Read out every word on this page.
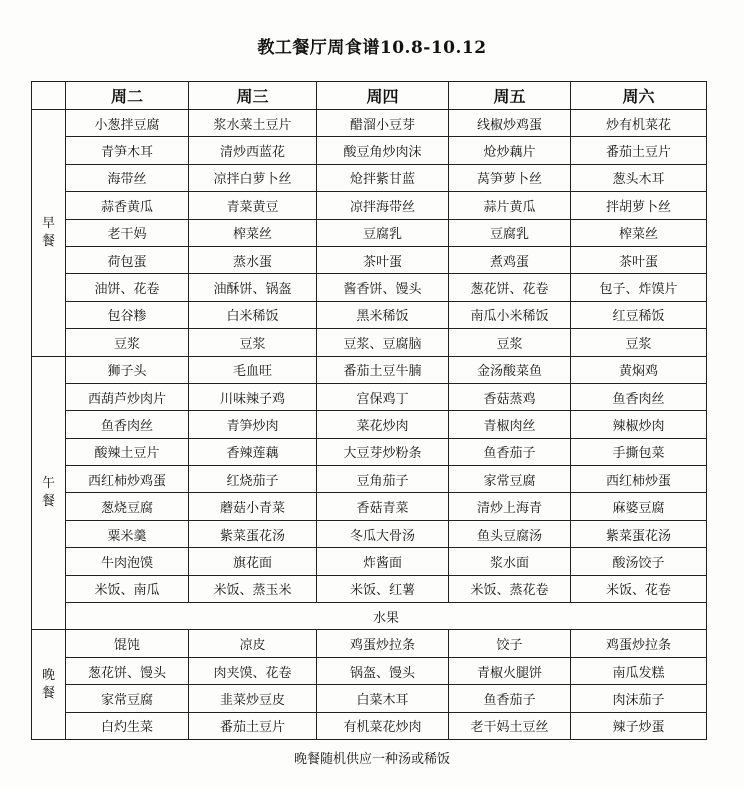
教工餐厅周食谱10.8-10.12
	周二	周三	周四	周五	周六

早
餐	小葱拌豆腐	浆水菜土豆片	醋溜小豆芽	线椒炒鸡蛋	炒有机菜花
	青笋木耳	清炒西蓝花	酸豆角炒肉沫	炝炒藕片	番茄土豆片
	海带丝	凉拌白萝卜丝	炝拌紫甘蓝	莴笋萝卜丝	葱头木耳
	蒜香黄瓜	青菜黄豆	凉拌海带丝	蒜片黄瓜	拌胡萝卜丝
	老干妈	榨菜丝	豆腐乳	豆腐乳	榨菜丝
	荷包蛋	蒸水蛋	茶叶蛋	煮鸡蛋	茶叶蛋
	油饼、花卷	油酥饼、锅盔	酱香饼、馒头	葱花饼、花卷	包子、炸馍片
	包谷糁	白米稀饭	黑米稀饭	南瓜小米稀饭	红豆稀饭
	豆浆	豆浆	豆浆、豆腐脑	豆浆	豆浆

午
餐	狮子头	毛血旺	番茄土豆牛腩	金汤酸菜鱼	黄焖鸡
	西葫芦炒肉片	川味辣子鸡	宫保鸡丁	香菇蒸鸡	鱼香肉丝
	鱼香肉丝	青笋炒肉	菜花炒肉	青椒肉丝	辣椒炒肉
	酸辣土豆片	香辣莲藕	大豆芽炒粉条	鱼香茄子	手撕包菜
	西红柿炒鸡蛋	红烧茄子	豆角茄子	家常豆腐	西红柿炒蛋
	葱烧豆腐	蘑菇小青菜	香菇青菜	清炒上海青	麻婆豆腐
	粟米羹	紫菜蛋花汤	冬瓜大骨汤	鱼头豆腐汤	紫菜蛋花汤
	牛肉泡馍	旗花面	炸酱面	浆水面	酸汤饺子
	米饭、南瓜	米饭、蒸玉米	米饭、红薯	米饭、蒸花卷	米饭、花卷
	水果				

晚
餐	馄饨	凉皮	鸡蛋炒拉条	饺子	鸡蛋炒拉条
	葱花饼、馒头	肉夹馍、花卷	锅盔、馒头	青椒火腿饼	南瓜发糕
	家常豆腐	韭菜炒豆皮	白菜木耳	鱼香茄子	肉沫茄子
	白灼生菜	番茄土豆片	有机菜花炒肉	老干妈土豆丝	辣子炒蛋
晚餐随机供应一种汤或稀饭
